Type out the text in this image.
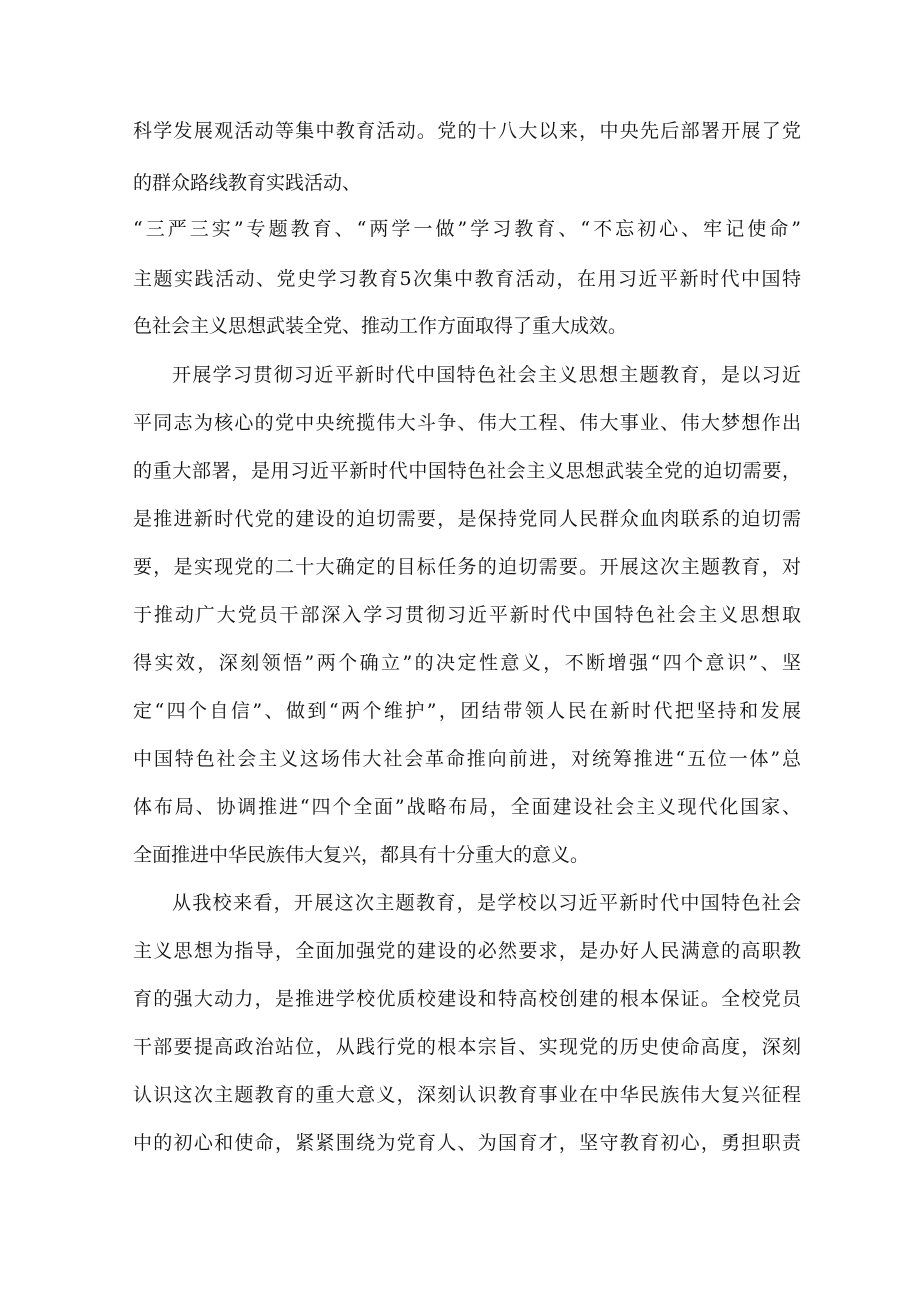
科学发展观活动等集中教育活动。党的十八大以来，中央先后部署开展了党
的群众路线教育实践活动、
“三严三实”专题教育、“两学一做”学习教育、“不忘初心、牢记使命”
主题实践活动、党史学习教育5次集中教育活动，在用习近平新时代中国特
色社会主义思想武装全党、推动工作方面取得了重大成效。
开展学习贯彻习近平新时代中国特色社会主义思想主题教育，是以习近
平同志为核心的党中央统揽伟大斗争、伟大工程、伟大事业、伟大梦想作出
的重大部署，是用习近平新时代中国特色社会主义思想武装全党的迫切需要，
是推进新时代党的建设的迫切需要，是保持党同人民群众血肉联系的迫切需
要，是实现党的二十大确定的目标任务的迫切需要。开展这次主题教育，对
于推动广大党员干部深入学习贯彻习近平新时代中国特色社会主义思想取
得实效，深刻领悟”两个确立”的决定性意义，不断增强“四个意识”、坚
定“四个自信”、做到“两个维护”，团结带领人民在新时代把坚持和发展
中国特色社会主义这场伟大社会革命推向前进，对统筹推进“五位一体”总
体布局、协调推进“四个全面”战略布局，全面建设社会主义现代化国家、
全面推进中华民族伟大复兴，都具有十分重大的意义。
从我校来看，开展这次主题教育，是学校以习近平新时代中国特色社会
主义思想为指导，全面加强党的建设的必然要求，是办好人民满意的高职教
育的强大动力，是推进学校优质校建设和特高校创建的根本保证。全校党员
干部要提高政治站位，从践行党的根本宗旨、实现党的历史使命高度，深刻
认识这次主题教育的重大意义，深刻认识教育事业在中华民族伟大复兴征程
中的初心和使命，紧紧围绕为党育人、为国育才，坚守教育初心，勇担职责
